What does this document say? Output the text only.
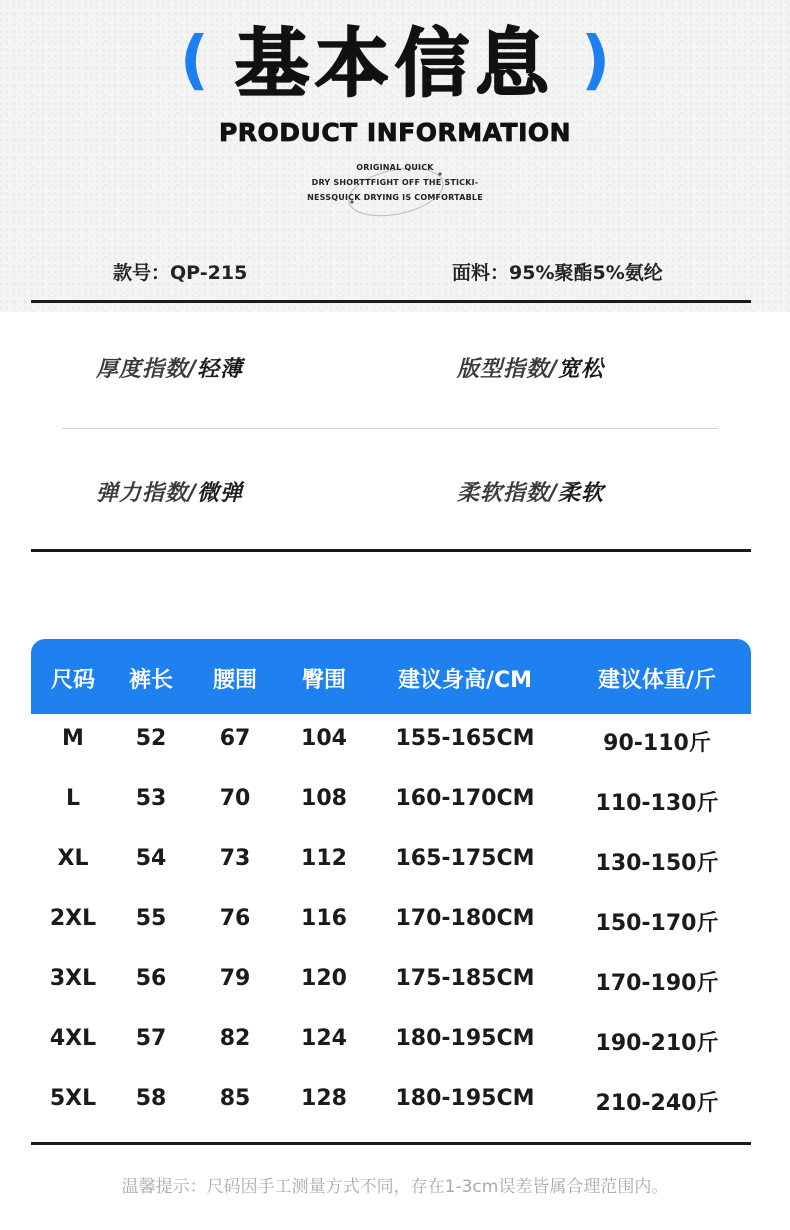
( 基本信息 )
PRODUCT INFORMATION
ORIGINAL QUICK
DRY SHORTTFIGHT OFF THE STICKI-
NESSQUICK DRYING IS COMFORTABLE
款号：QP-215	面料：95%聚酯5%氨纶
厚度指数/轻薄	版型指数/宽松
弹力指数/微弹	柔软指数/柔软
尺码 裤长 腰围 臀围 建议身高/CM	建议体重/斤
M 52 67 104 155-165CM	90-110斤
L	53 70 108 160-170CM	110-130斤
XL 54 73 112 165-175CM	130-150斤
2XL 55 76 116 170-180CM	150-170斤
3XL 56 79 120 175-185CM	170-190斤
4XL 57 82 124 180-195CM	190-210斤
5XL 58 85 128 180-195CM	210-240斤
温馨提示：尺码因手工测量方式不同，存在1-3cm误差皆属合理范围内。
